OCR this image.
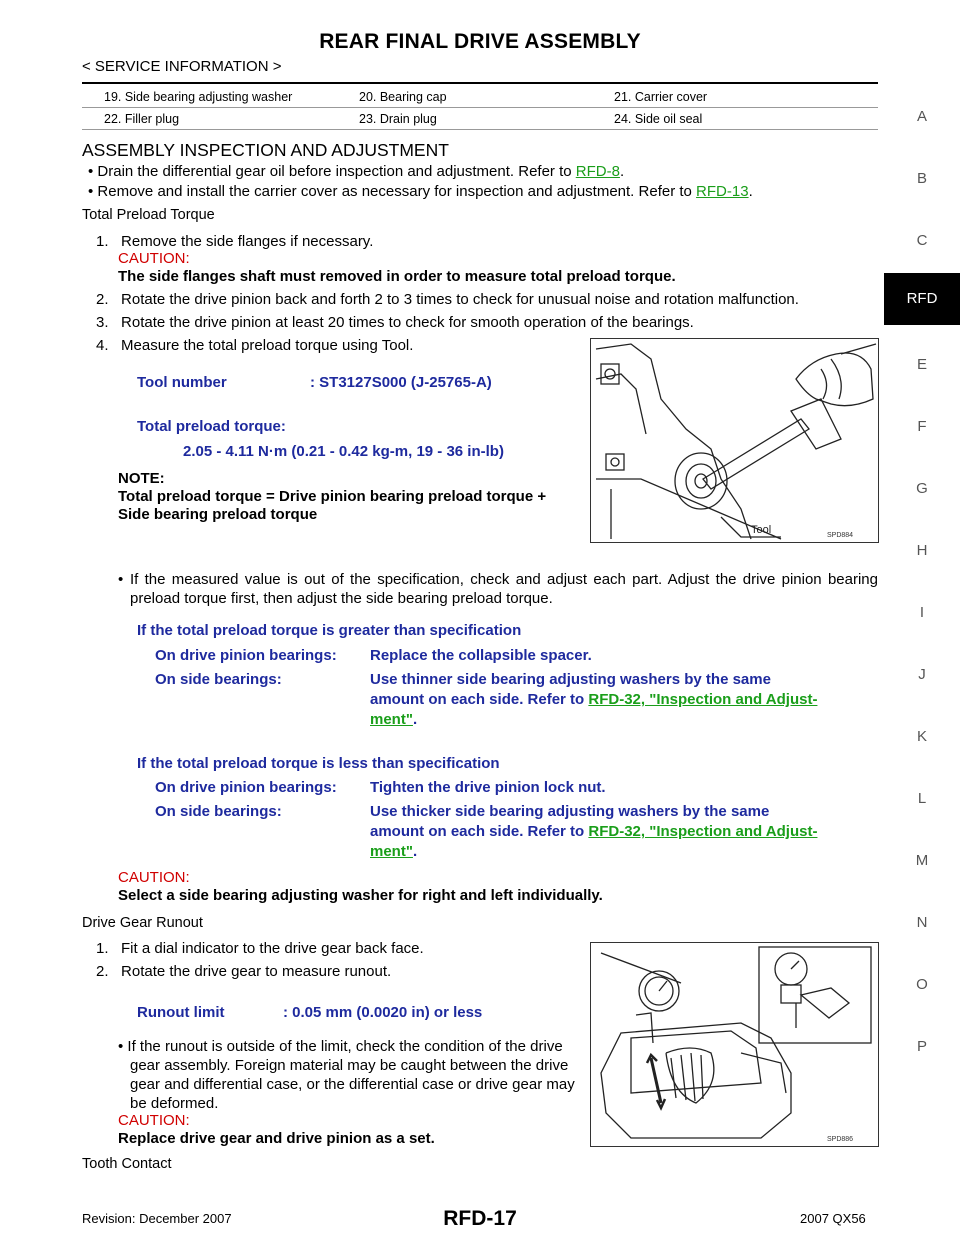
REAR FINAL DRIVE ASSEMBLY
< SERVICE INFORMATION >
19. Side bearing adjusting washer	20. Bearing cap	21. Carrier cover
22. Filler plug	23. Drain plug	24. Side oil seal
ASSEMBLY INSPECTION AND ADJUSTMENT
• Drain the differential gear oil before inspection and adjustment. Refer to RFD-8.
• Remove and install the carrier cover as necessary for inspection and adjustment. Refer to RFD-13.
Total Preload Torque
1.   Remove the side flanges if necessary.
CAUTION:
The side flanges shaft must removed in order to measure total preload torque.
2.   Rotate the drive pinion back and forth 2 to 3 times to check for unusual noise and rotation malfunction.
3.   Rotate the drive pinion at least 20 times to check for smooth operation of the bearings.
4.   Measure the total preload torque using Tool.
Tool number	: ST3127S000 (J-25765-A)
Total preload torque:
2.05 - 4.11 N·m (0.21 - 0.42 kg-m, 19 - 36 in-lb)
NOTE:
Total preload torque = Drive pinion bearing preload torque +
Side bearing preload torque
Tool	SPD884
• If the measured value is out of the specification, check and adjust each part. Adjust the drive pinion bearing preload torque first, then adjust the side bearing preload torque.
If the total preload torque is greater than specification
On drive pinion bearings: Replace the collapsible spacer.
On side bearings:	Use thinner side bearing adjusting washers by the same
amount on each side. Refer to RFD-32, "Inspection and Adjust-
ment".
If the total preload torque is less than specification
On drive pinion bearings: Tighten the drive pinion lock nut.
On side bearings:	Use thicker side bearing adjusting washers by the same
amount on each side. Refer to RFD-32, "Inspection and Adjust-
ment".
CAUTION:
Select a side bearing adjusting washer for right and left individually.
Drive Gear Runout
1.   Fit a dial indicator to the drive gear back face.
2.   Rotate the drive gear to measure runout.
Runout limit	: 0.05 mm (0.0020 in) or less
• If the runout is outside of the limit, check the condition of the drive
gear assembly. Foreign material may be caught between the drive
gear and differential case, or the differential case or drive gear may
be deformed.
CAUTION:
Replace drive gear and drive pinion as a set.	SPD886
Tooth Contact
A
B
C
RFD
E
F
G
H
I
J
K
L
M
N
O
P
Revision: December 2007	RFD-17	2007 QX56
